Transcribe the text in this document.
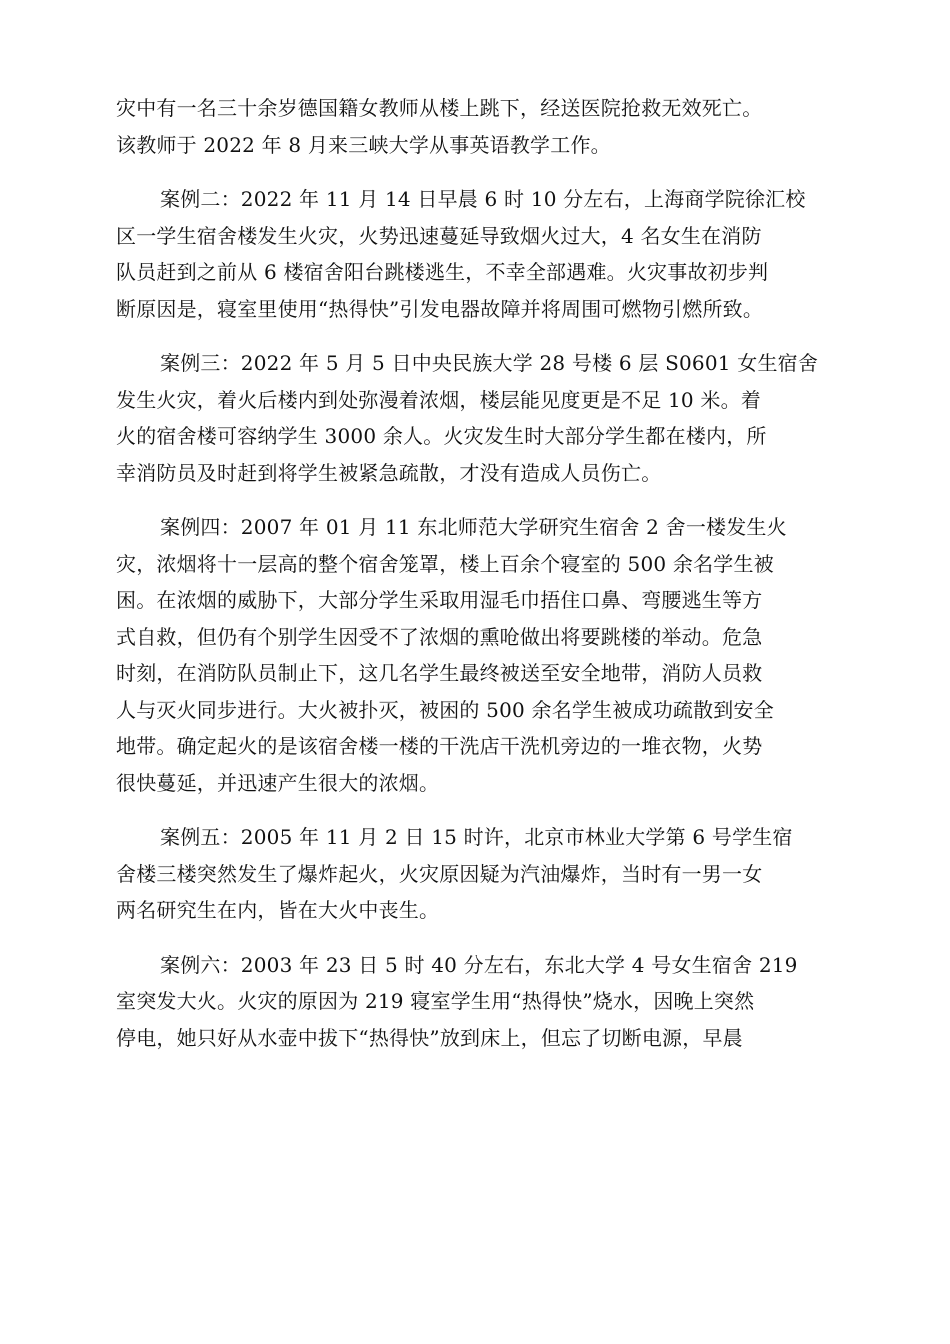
灾中有一名三十余岁德国籍女教师从楼上跳下，经送医院抢救无效死亡。
该教师于 2022 年 8 月来三峡大学从事英语教学工作。

案例二：2022 年 11 月 14 日早晨 6 时 10 分左右，上海商学院徐汇校
区一学生宿舍楼发生火灾，火势迅速蔓延导致烟火过大，4 名女生在消防
队员赶到之前从 6 楼宿舍阳台跳楼逃生，不幸全部遇难。火灾事故初步判
断原因是，寝室里使用“热得快”引发电器故障并将周围可燃物引燃所致。

案例三：2022 年 5 月 5 日中央民族大学 28 号楼 6 层 S0601 女生宿舍
发生火灾，着火后楼内到处弥漫着浓烟，楼层能见度更是不足 10 米。着
火的宿舍楼可容纳学生 3000 余人。火灾发生时大部分学生都在楼内，所
幸消防员及时赶到将学生被紧急疏散，才没有造成人员伤亡。

案例四：2007 年 01 月 11 东北师范大学研究生宿舍 2 舍一楼发生火
灾，浓烟将十一层高的整个宿舍笼罩，楼上百余个寝室的 500 余名学生被
困。在浓烟的威胁下，大部分学生采取用湿毛巾捂住口鼻、弯腰逃生等方
式自救，但仍有个别学生因受不了浓烟的熏呛做出将要跳楼的举动。危急
时刻，在消防队员制止下，这几名学生最终被送至安全地带，消防人员救
人与灭火同步进行。大火被扑灭，被困的 500 余名学生被成功疏散到安全
地带。确定起火的是该宿舍楼一楼的干洗店干洗机旁边的一堆衣物，火势
很快蔓延，并迅速产生很大的浓烟。

案例五：2005 年 11 月 2 日 15 时许，北京市林业大学第 6 号学生宿
舍楼三楼突然发生了爆炸起火，火灾原因疑为汽油爆炸，当时有一男一女
两名研究生在内，皆在大火中丧生。

案例六：2003 年 23 日 5 时 40 分左右，东北大学 4 号女生宿舍 219
室突发大火。火灾的原因为 219 寝室学生用“热得快”烧水，因晚上突然
停电，她只好从水壶中拔下“热得快”放到床上，但忘了切断电源，早晨
